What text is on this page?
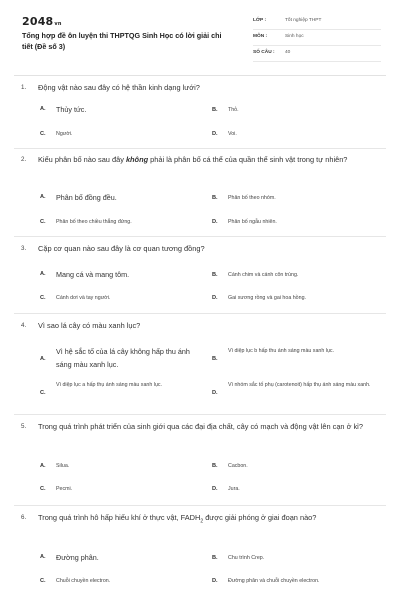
2048vn
Tổng hợp đề ôn luyện thi THPTQG Sinh Học có lời giải chi tiết (Đề số 3)
LỚP :	Tốt nghiệp THPT
MÔN :	Sinh học
SỐ CÂU : 40
1. Động vật nào sau đây có hệ thần kinh dạng lưới?
A. Thủy tức.	B. Thỏ.
C. Người.	D. Voi.
2. Kiểu phân bố nào sau đây không phải là phân bố cá thể của quần thể sinh vật trong tự nhiên?
A. Phân bố đồng đều.	B. Phân bố theo nhóm.
C. Phân bố theo chiều thẳng đứng.	D. Phân bố ngẫu nhiên.
3. Cặp cơ quan nào sau đây là cơ quan tương đồng?
A. Mang cá và mang tôm.	B. Cánh chim và cánh côn trùng.
C. Cánh dơi và tay người.	D. Gai xương rồng và gai hoa hồng.
4. Vì sao lá cây có màu xanh lục?
A.
Vì hệ sắc tố của lá cây không hấp thu ánh sáng màu xanh lục.
B.
Vì diệp lục b hấp thu ánh sáng màu xanh lục.
C.
Vì diệp lục a hấp thụ ánh sáng màu xanh lục.
D.
Vì nhóm sắc tố phụ (carotenoit) hấp thụ ánh sáng màu xanh.
5. Trong quá trình phát triển của sinh giới qua các đại địa chất, cây có mạch và động vật lên cạn ở kỉ?
A. Silua.	B. Cacbon.
C. Pecmi.	D. Jura.
6. Trong quá trình hô hấp hiếu khí ở thực vật, $FADH_2$ được giải phóng ở giai đoạn nào?
A. Đường phân.	B. Chu trình Crep.
C. Chuỗi chuyền electron.	D. Đường phân và chuỗi chuyền electron.
